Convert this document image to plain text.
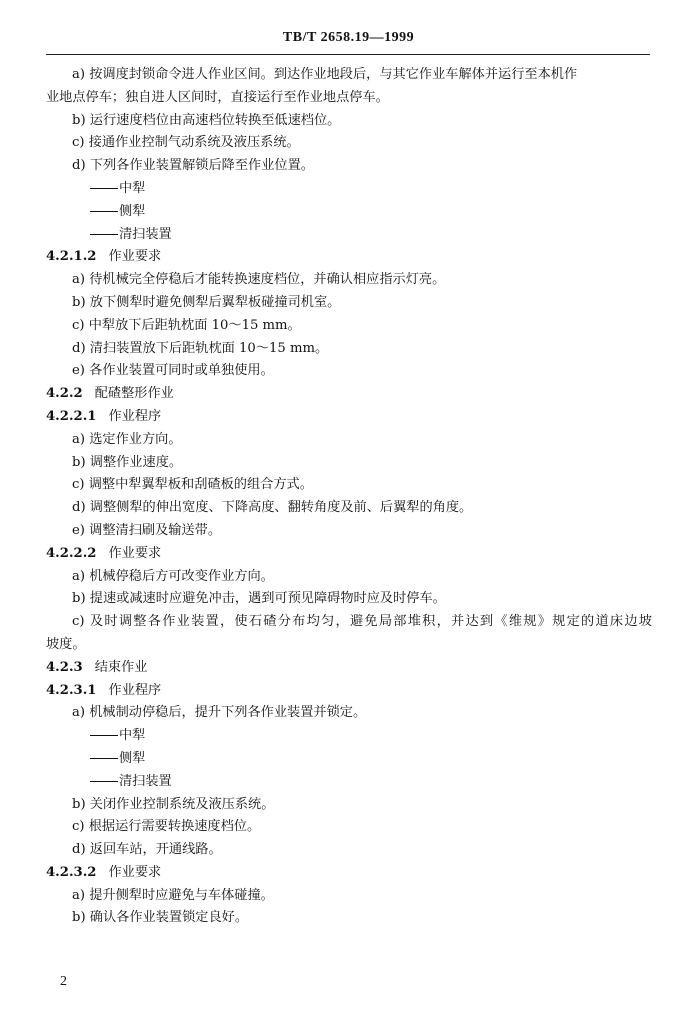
TB/T 2658.19—1999
a) 按调度封锁命令进人作业区间。到达作业地段后，与其它作业车解体并运行至本机作
业地点停车；独自进人区间时，直接运行至作业地点停车。
b) 运行速度档位由高速档位转换至低速档位。
c) 接通作业控制气动系统及液压系统。
d) 下列各作业装置解锁后降至作业位置。
中犁
侧犁
清扫装置
4.2.1.2 作业要求
a) 待机械完全停稳后才能转换速度档位，并确认相应指示灯亮。
b) 放下侧犁时避免侧犁后翼犁板碰撞司机室。
c) 中犁放下后距轨枕面 10～15 mm。
d) 清扫装置放下后距轨枕面 10～15 mm。
e) 各作业装置可同时或单独使用。
4.2.2 配碴整形作业
4.2.2.1 作业程序
a) 选定作业方向。
b) 调整作业速度。
c) 调整中犁翼犁板和刮碴板的组合方式。
d) 调整侧犁的伸出宽度、下降高度、翻转角度及前、后翼犁的角度。
e) 调整清扫刷及输送带。
4.2.2.2 作业要求
a) 机械停稳后方可改变作业方向。
b) 提速或减速时应避免冲击，遇到可预见障碍物时应及时停车。
c) 及时调整各作业装置，使石碴分布均匀，避免局部堆积，并达到《维规》规定的道床边坡
坡度。
4.2.3 结束作业
4.2.3.1 作业程序
a) 机械制动停稳后，提升下列各作业装置并锁定。
中犁
侧犁
清扫装置
b) 关闭作业控制系统及液压系统。
c) 根据运行需要转换速度档位。
d) 返回车站，开通线路。
4.2.3.2 作业要求
a) 提升侧犁时应避免与车体碰撞。
b) 确认各作业装置锁定良好。
2
